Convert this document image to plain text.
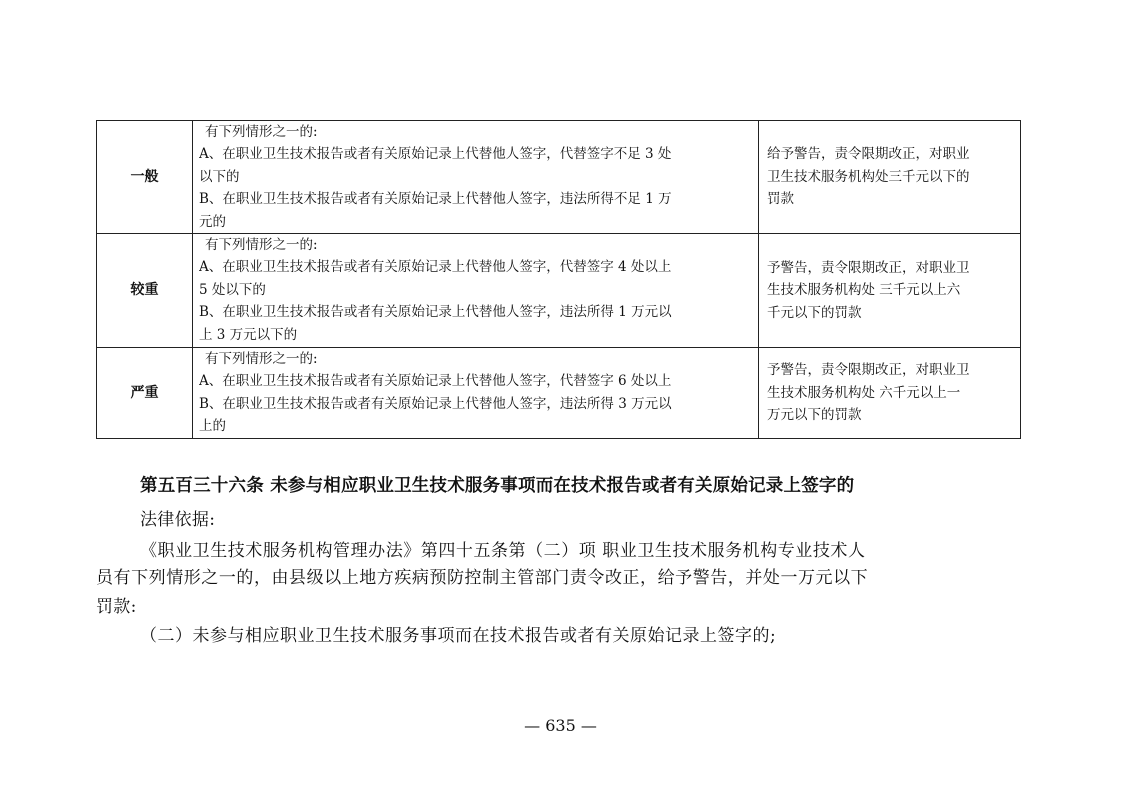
一般	有下列情形之一的:
A、在职业卫生技术报告或者有关原始记录上代替他人签字，代替签字不足 3 处
以下的
B、在职业卫生技术报告或者有关原始记录上代替他人签字，违法所得不足 1 万
元的	给予警告，责令限期改正，对职业
卫生技术服务机构处三千元以下的
罚款

较重	有下列情形之一的:
A、在职业卫生技术报告或者有关原始记录上代替他人签字，代替签字 4 处以上
5 处以下的
B、在职业卫生技术报告或者有关原始记录上代替他人签字，违法所得 1 万元以
上 3 万元以下的	予警告，责令限期改正，对职业卫
生技术服务机构处 三千元以上六
千元以下的罚款

严重	有下列情形之一的:
A、在职业卫生技术报告或者有关原始记录上代替他人签字，代替签字 6 处以上
B、在职业卫生技术报告或者有关原始记录上代替他人签字，违法所得 3 万元以
上的	予警告，责令限期改正，对职业卫
生技术服务机构处 六千元以上一
万元以下的罚款
第五百三十六条 未参与相应职业卫生技术服务事项而在技术报告或者有关原始记录上签字的
法律依据:
《职业卫生技术服务机构管理办法》第四十五条第（二）项 职业卫生技术服务机构专业技术人
员有下列情形之一的，由县级以上地方疾病预防控制主管部门责令改正，给予警告，并处一万元以下
罚款:
（二）未参与相应职业卫生技术服务事项而在技术报告或者有关原始记录上签字的;
— 635 —
